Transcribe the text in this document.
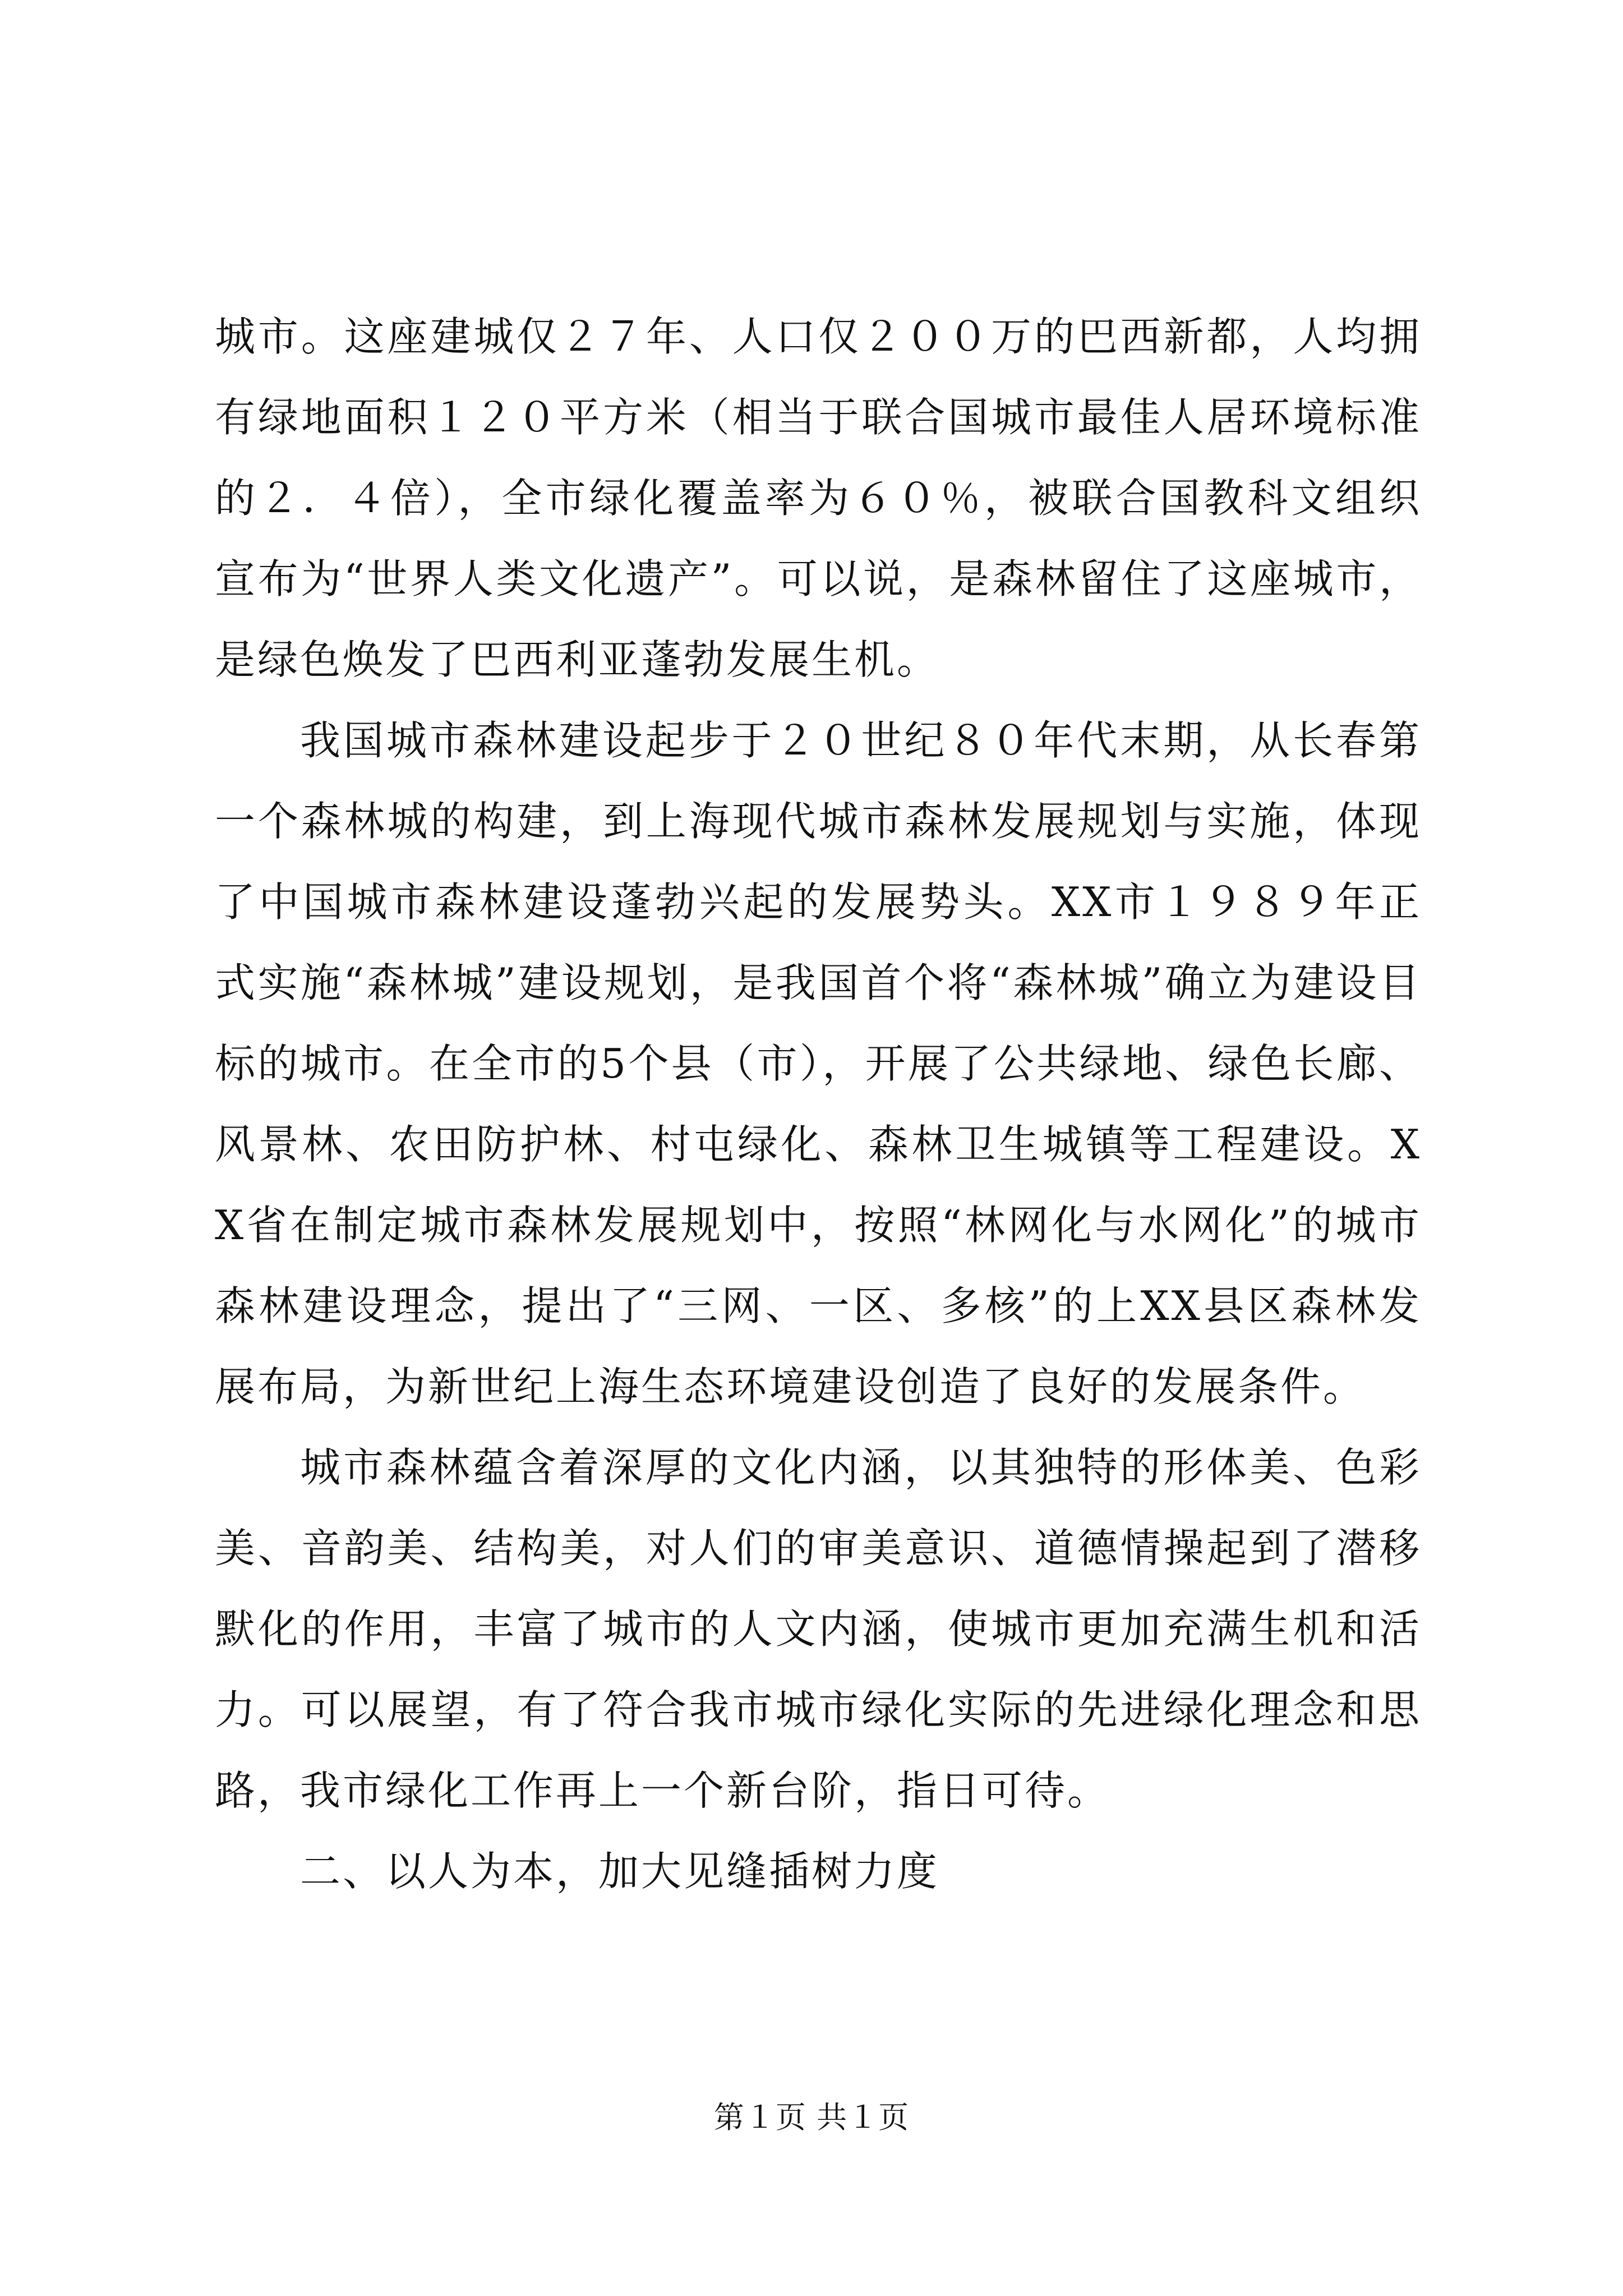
城市。这座建城仅２７年、人口仅２００万的巴西新都，人均拥有绿地面积１２０平方米（相当于联合国城市最佳人居环境标准的２．４倍），全市绿化覆盖率为６０％，被联合国教科文组织宣布为“世界人类文化遗产”。可以说，是森林留住了这座城市，是绿色焕发了巴西利亚蓬勃发展生机。

我国城市森林建设起步于２０世纪８０年代末期，从长春第一个森林城的构建，到上海现代城市森林发展规划与实施，体现了中国城市森林建设蓬勃兴起的发展势头。XX市１９８９年正式实施“森林城”建设规划，是我国首个将“森林城”确立为建设目标的城市。在全市的5个县（市），开展了公共绿地、绿色长廊、风景林、农田防护林、村屯绿化、森林卫生城镇等工程建设。XX省在制定城市森林发展规划中，按照“林网化与水网化”的城市森林建设理念，提出了“三网、一区、多核”的上XX县区森林发展布局，为新世纪上海生态环境建设创造了良好的发展条件。

城市森林蕴含着深厚的文化内涵，以其独特的形体美、色彩美、音韵美、结构美，对人们的审美意识、道德情操起到了潜移默化的作用，丰富了城市的人文内涵，使城市更加充满生机和活力。可以展望，有了符合我市城市绿化实际的先进绿化理念和思路，我市绿化工作再上一个新台阶，指日可待。

二、以人为本，加大见缝插树力度

第１页 共１页
